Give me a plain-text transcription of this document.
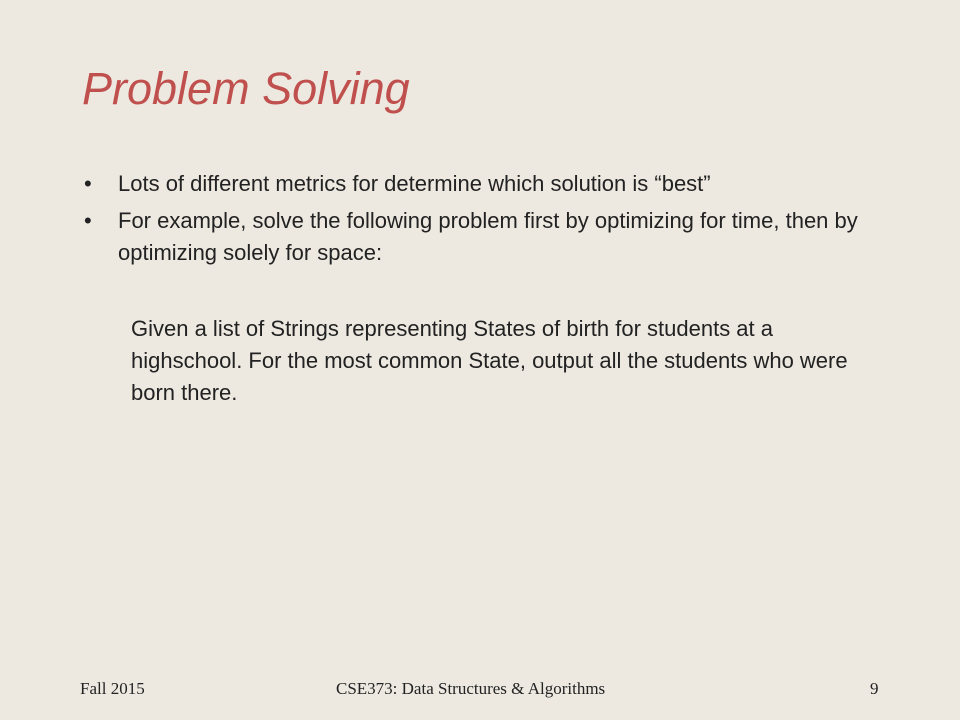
Problem Solving
• Lots of different metrics for determine which solution is “best”
• For example, solve the following problem first by optimizing for time, then by optimizing solely for space:

Given a list of Strings representing States of birth for students at a highschool. For the most common State, output all the students who were born there.

Fall 2015	CSE373: Data Structures & Algorithms	9
